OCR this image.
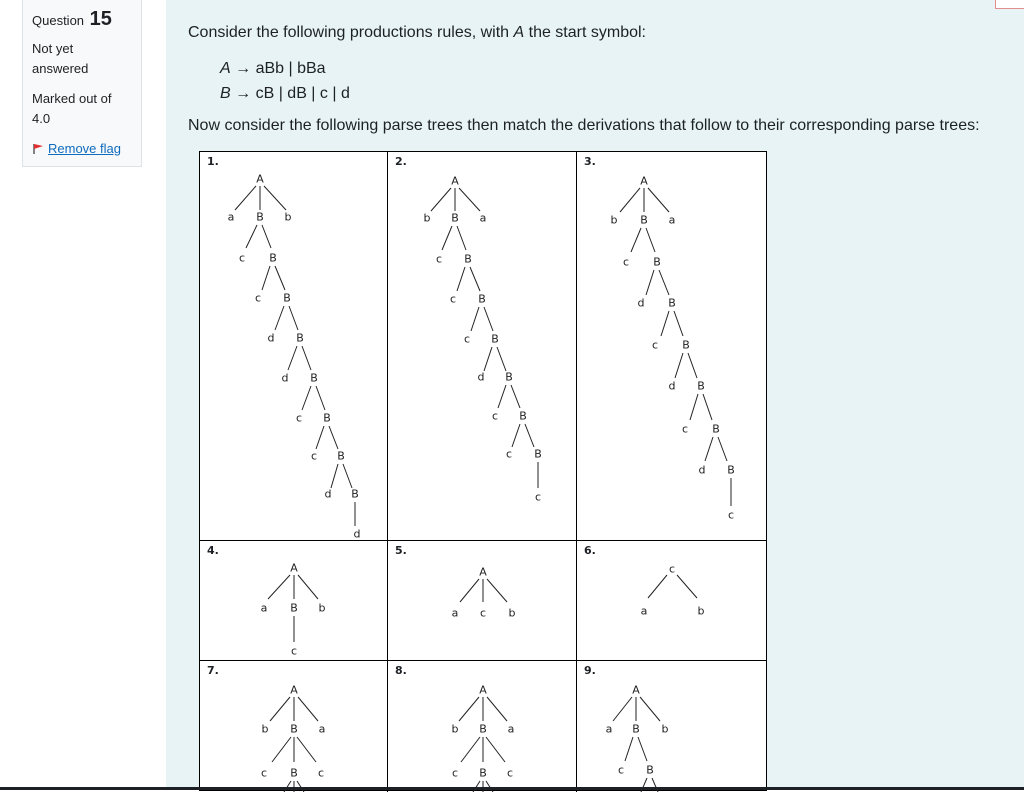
Question 15
Not yet answered
Marked out of 4.0
Remove flag
Consider the following productions rules, with A the start symbol:
A → aBb | bBa
B → cB | dB | c | d
Now consider the following parse trees then match the derivations that follow to their corresponding parse trees:
1.
A
a B b
c B
c B
d B
d B
c B
c B
d B
d
2.
A
b B a
c B
c B
c B
d B
c B
c B
c
3.
A
b B a
c B
d B
c B
d B
c B
d B
c
4.
A
a B b
c
5.
A
a c b
6.
c
a	b
7.
A
b B a
c B c
8.
A
b B a
c B c
9.
A
a B b
c B
